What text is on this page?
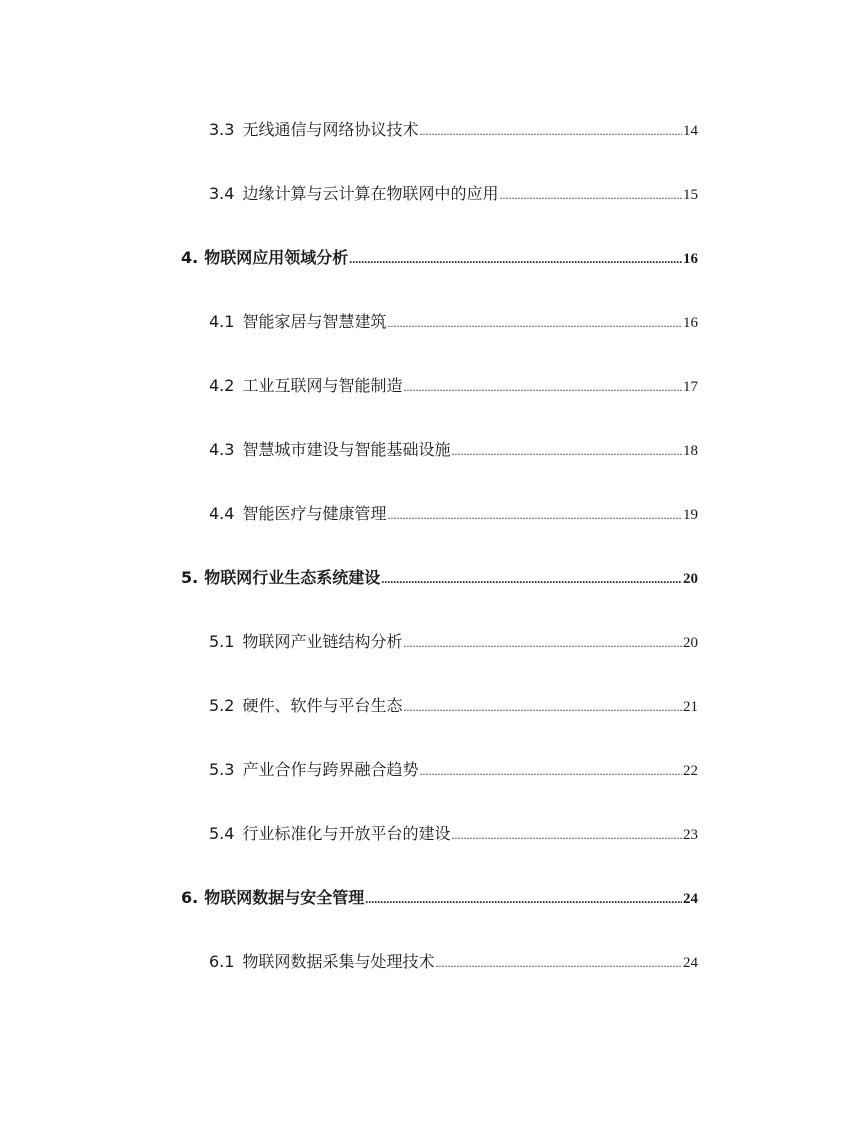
3.3 无线通信与网络协议技术 .....	14
3.4 边缘计算与云计算在物联网中的应用 .....	15
4. 物联网应用领域分析 .....	16
4.1 智能家居与智慧建筑 .....	16
4.2 工业互联网与智能制造 .....	17
4.3 智慧城市建设与智能基础设施 .....	18
4.4 智能医疗与健康管理 .....	19
5. 物联网行业生态系统建设 .....	20
5.1 物联网产业链结构分析 .....	20
5.2 硬件、软件与平台生态 .....	21
5.3 产业合作与跨界融合趋势 .....	22
5.4 行业标准化与开放平台的建设 .....	23
6. 物联网数据与安全管理 .....	24
6.1 物联网数据采集与处理技术 .....	24
